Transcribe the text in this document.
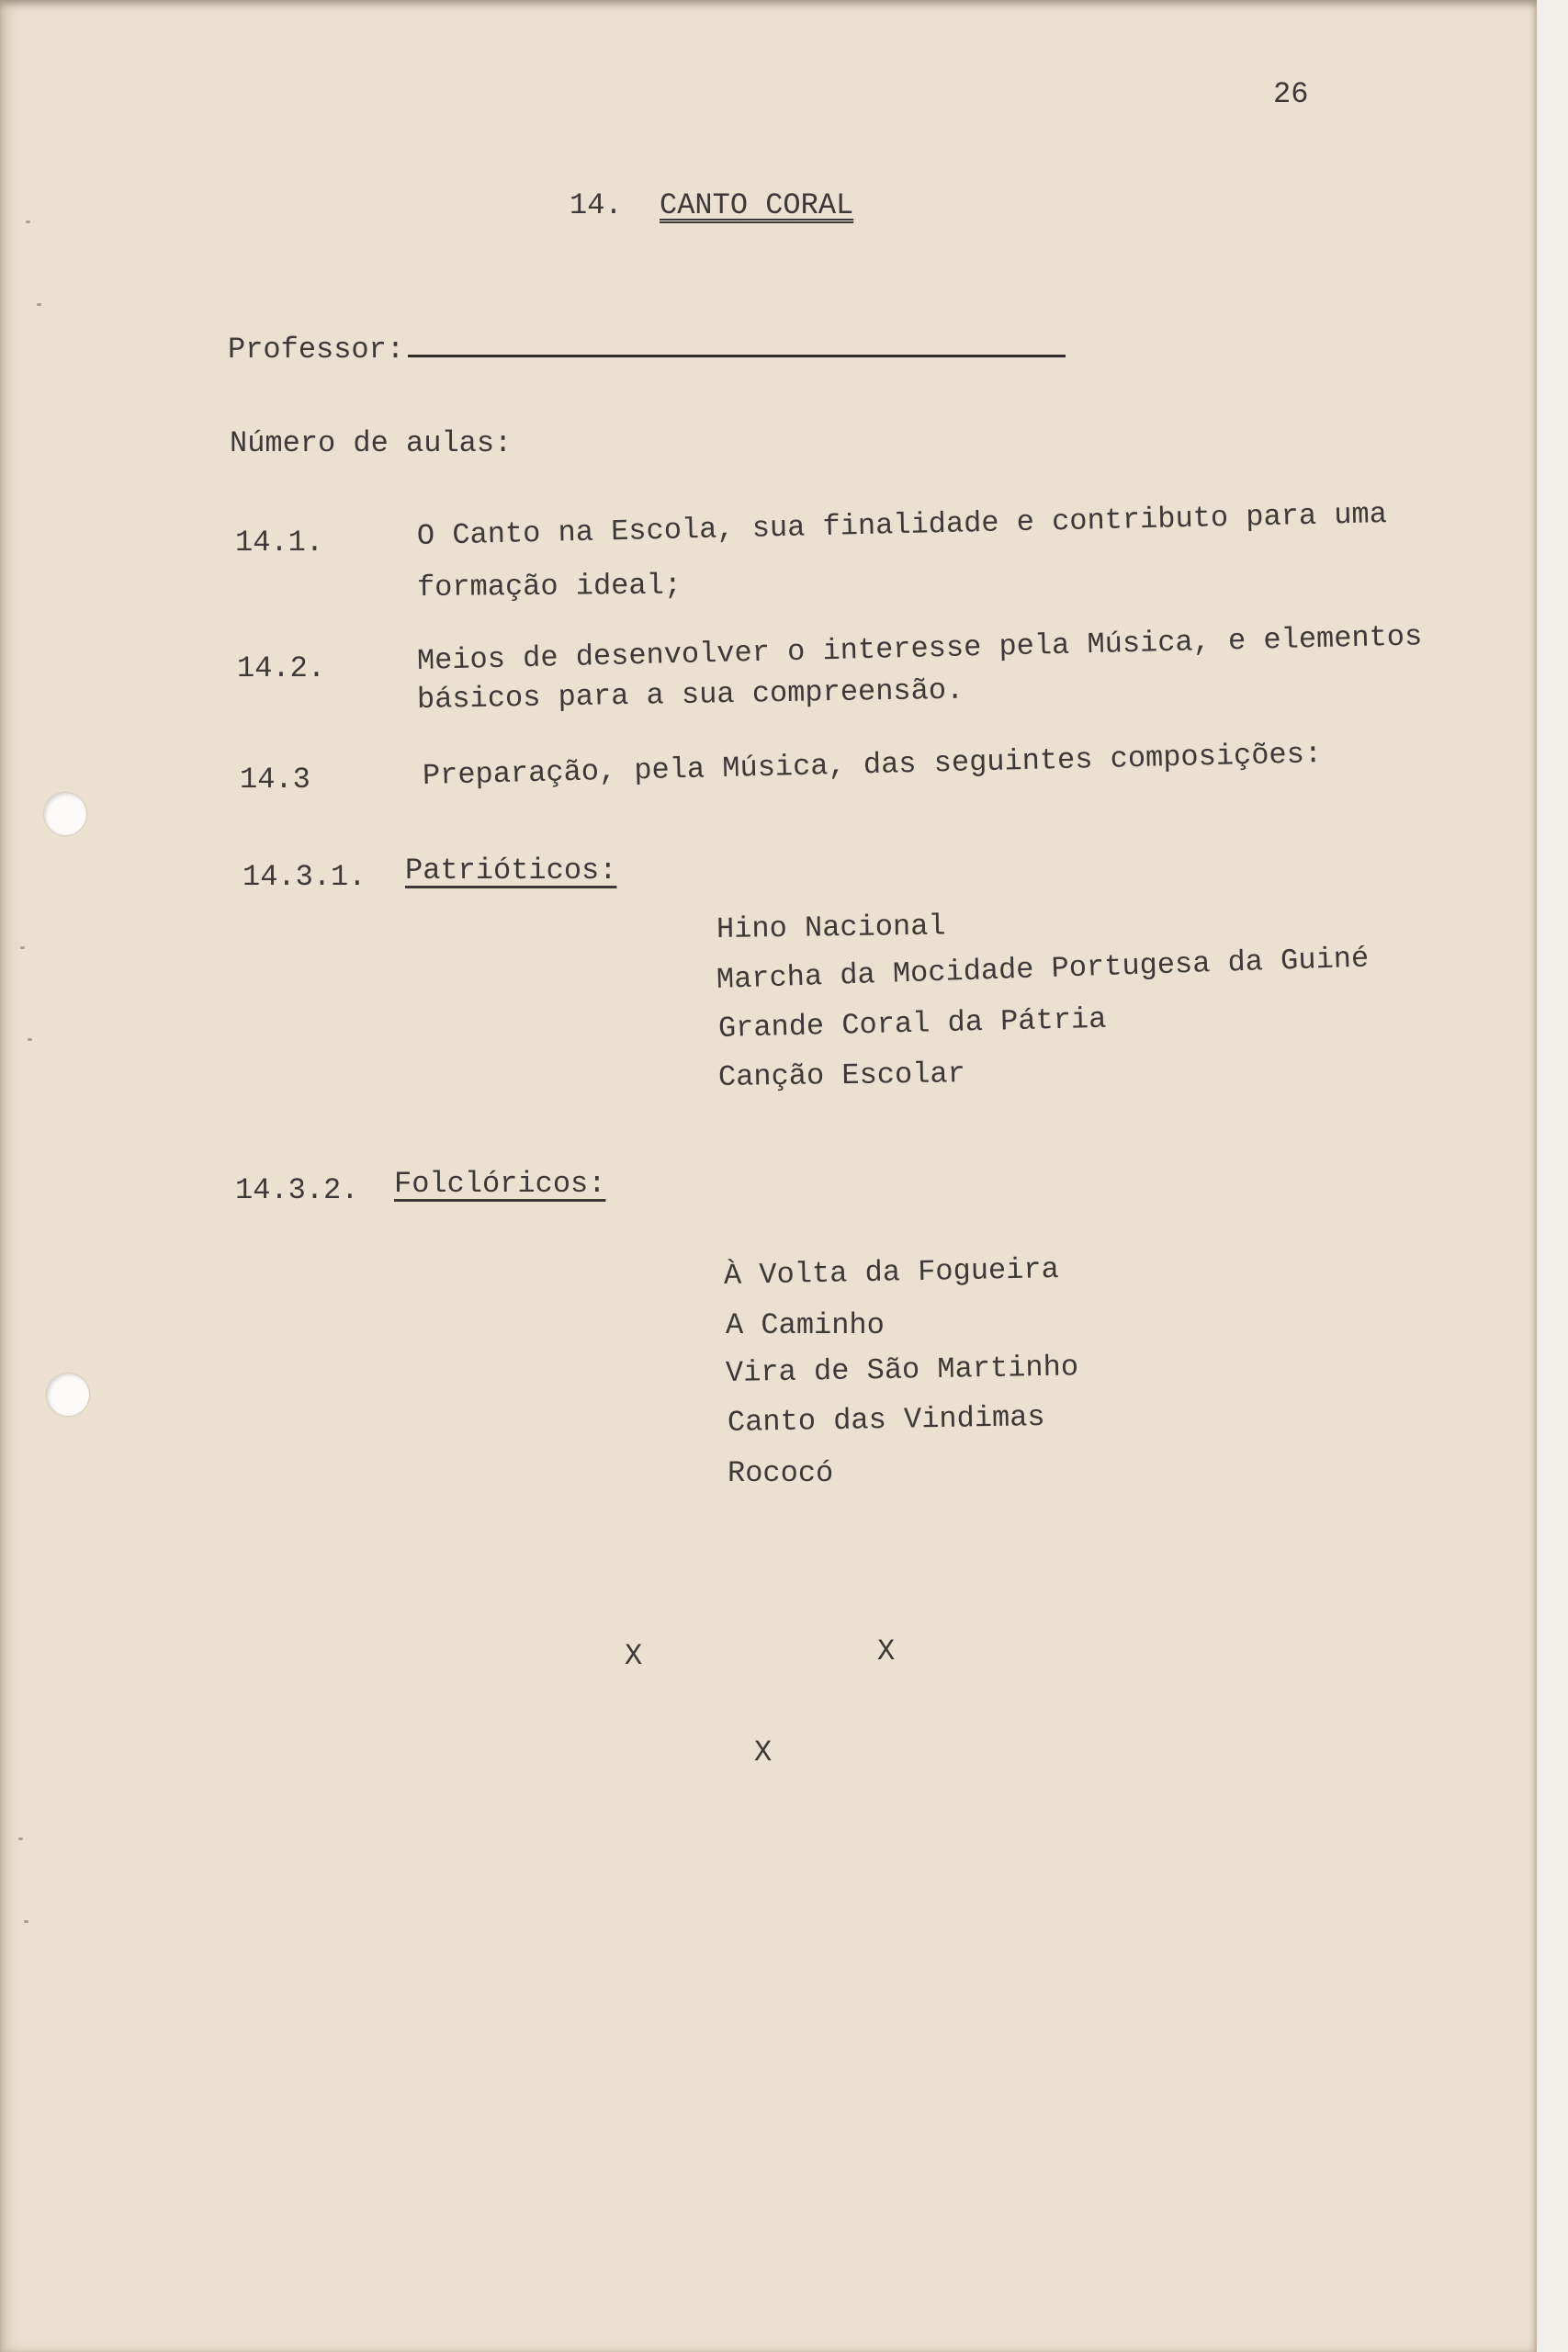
26
14. CANTO CORAL
Professor:
Número de aulas:
14.1.	O Canto na Escola, sua finalidade e contributo para uma
formação ideal;
14.2.	Meios de desenvolver o interesse pela Música, e elementos
básicos para a sua compreensão.
14.3	Preparação, pela Música, das seguintes composições:
14.3.1. Patrióticos:
Hino Nacional
Marcha da Mocidade Portugesa da Guiné
Grande Coral da Pátria
Canção Escolar
14.3.2. Folclóricos:
À Volta da Fogueira
A Caminho
Vira de São Martinho
Canto das Vindimas
Rococó
X	X
X
